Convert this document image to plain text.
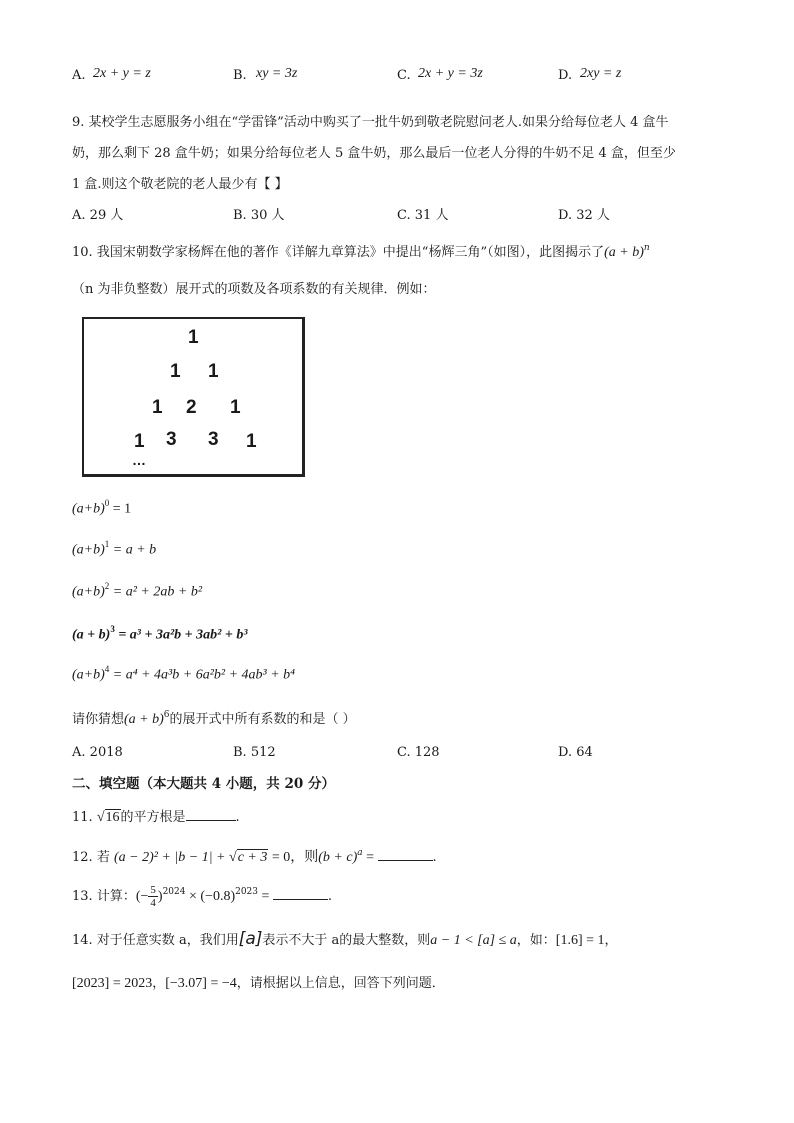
A. 2x + y = z	B. xy = 3z	C. 2x + y = 3z	D. 2xy = z
9. 某校学生志愿服务小组在“学雷锋”活动中购买了一批牛奶到敬老院慰问老人.如果分给每位老人 4 盒牛
奶，那么剩下 28 盒牛奶；如果分给每位老人 5 盒牛奶，那么最后一位老人分得的牛奶不足 4 盒，但至少
1 盒.则这个敬老院的老人最少有【 】
A. 29 人	B. 30 人	C. 31 人	D. 32 人
10. 我国宋朝数学家杨辉在他的著作《详解九章算法》中提出“杨辉三角”（如图），此图揭示了$(a + b)^n$
（n 为非负整数）展开式的项数及各项系数的有关规律．例如：
1
1 1
1 2 1
1 3 3 1
…
$(a+b)^0 = 1$
$(a+b)^1 = a + b$
$(a+b)^2 = a^2 + 2ab + b^2$
$(a + b)^3 = a^3 + 3a^2b + 3ab^2 + b^3$
$(a+b)^4 = a^4 + 4a^3b + 6a^2b^2 + 4ab^3 + b^4$
请你猜想$(a + b)^6$的展开式中所有系数的和是（ ）
A. 2018	B. 512	C. 128	D. 64
二、填空题（本大题共 4 小题，共 20 分）
11. √16的平方根是	.
12. 若 (a − 2)² + |b − 1| + √c + 3 = 0，则$(b + c)^a$ =	.
13. 计算：(− $\frac{5}{4} )^{2024} \times (-0.8)^{2023}$ =	.
14. 对于任意实数 a，我们用[a]表示不大于 a的最大整数，则a − 1 < [a] ≤ a，如：[1.6] = 1，
[2023] = 2023，[−3.07] = −4，请根据以上信息，回答下列问题．
